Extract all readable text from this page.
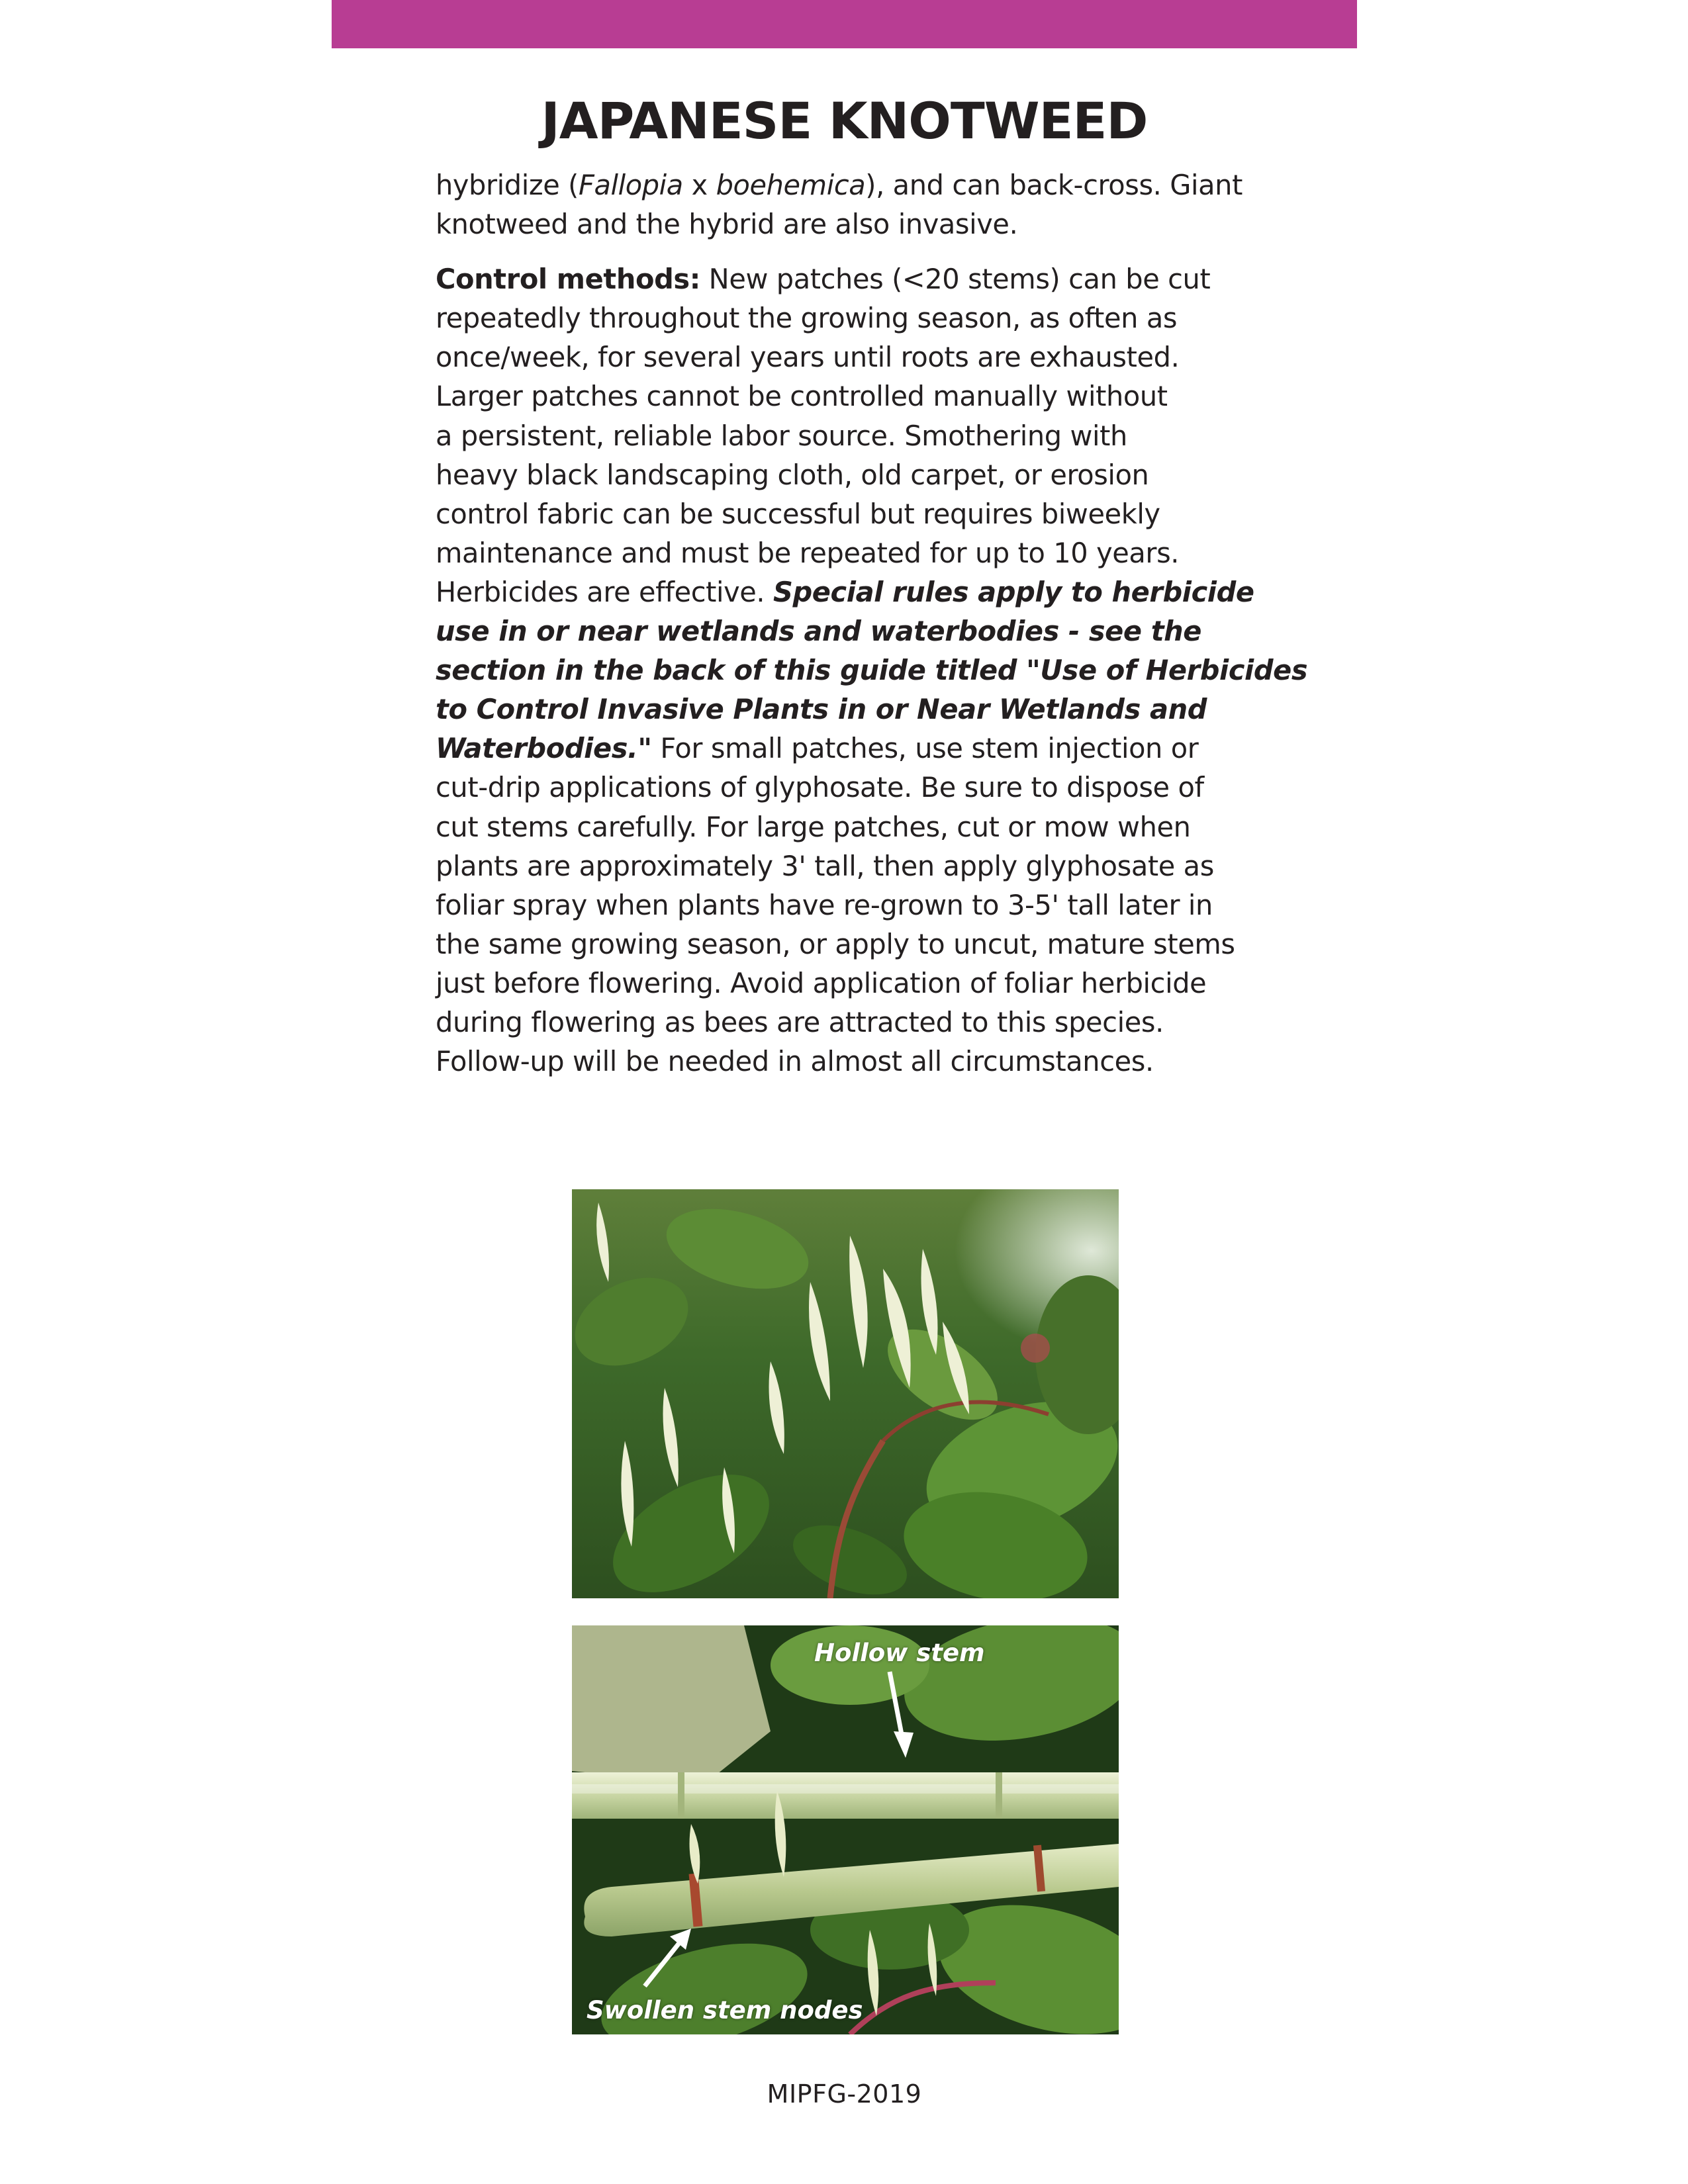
JAPANESE KNOTWEED

hybridize (Fallopia x boehemica), and can back-cross. Giant
knotweed and the hybrid are also invasive.

Control methods: New patches (<20 stems) can be cut
repeatedly throughout the growing season, as often as
once/week, for several years until roots are exhausted.
Larger patches cannot be controlled manually without
a persistent, reliable labor source. Smothering with
heavy black landscaping cloth, old carpet, or erosion
control fabric can be successful but requires biweekly
maintenance and must be repeated for up to 10 years.
Herbicides are effective. Special rules apply to herbicide
use in or near wetlands and waterbodies - see the
section in the back of this guide titled "Use of Herbicides
to Control Invasive Plants in or Near Wetlands and
Waterbodies." For small patches, use stem injection or
cut-drip applications of glyphosate. Be sure to dispose of
cut stems carefully. For large patches, cut or mow when
plants are approximately 3' tall, then apply glyphosate as
foliar spray when plants have re-grown to 3-5' tall later in
the same growing season, or apply to uncut, mature stems
just before flowering. Avoid application of foliar herbicide
during flowering as bees are attracted to this species.
Follow-up will be needed in almost all circumstances.

Hollow stem
Swollen stem nodes
MIPFG-2019
